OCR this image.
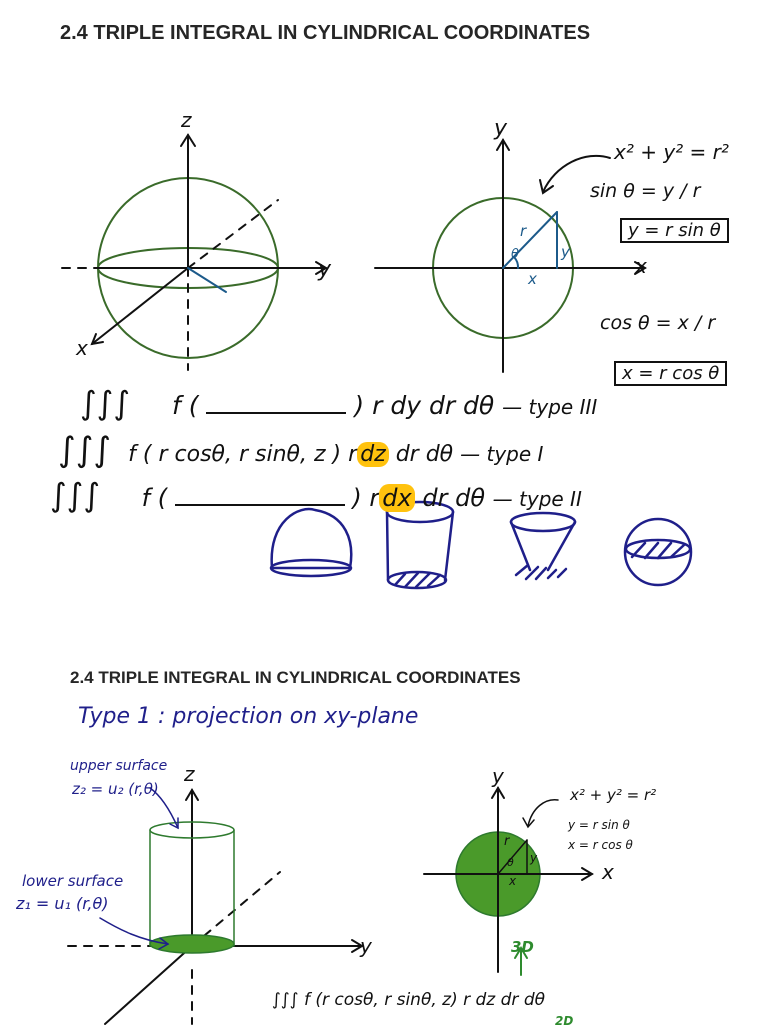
2.4 TRIPLE INTEGRAL IN CYLINDRICAL COORDINATES
z
y
x
y
x
r
θ
x
y
x² + y² = r²
sin θ = y / r
y = r sin θ
cos θ = x / r
x = r cos θ
∫∫∫ f (	) r dy dr dθ — type III
∫∫∫ f ( r cosθ, r sinθ, z ) r dz dr dθ — type I
∫∫∫ f (	) r dx dr dθ — type II
2.4 TRIPLE INTEGRAL IN CYLINDRICAL COORDINATES
Type 1 : projection on xy-plane
upper surface
z₂ = u₂ (r,θ)
lower surface
z₁ = u₁ (r,θ)
z
y
y
x
r
θ y
x
x² + y² = r²
y = r sin θ
x = r cos θ
3D
2D
∫∫∫ f (r cosθ, r sinθ, z) r dz dr dθ
